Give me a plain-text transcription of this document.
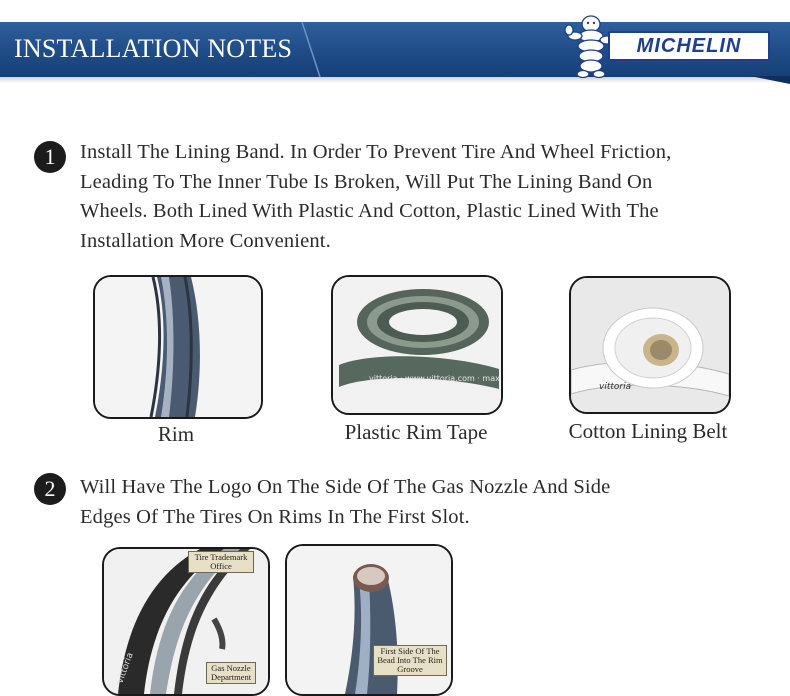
INSTALLATION NOTES	MICHELIN
1	Install The Lining Band. In Order To Prevent Tire And Wheel Friction,
Leading To The Inner Tube Is Broken, Will Put The Lining Band On
Wheels. Both Lined With Plastic And Cotton, Plastic Lined With The
Installation More Convenient.
Rim
vittoria · www.vittoria.com · max
Plastic Rim Tape
vittoria
Cotton Lining Belt
2	Will Have The Logo On The Side Of The Gas Nozzle And Side
Edges Of The Tires On Rims In The First Slot.
vittoria
Tire Trademark Office
Gas Nozzle Department
First Side Of The Bead Into The Rim Groove
